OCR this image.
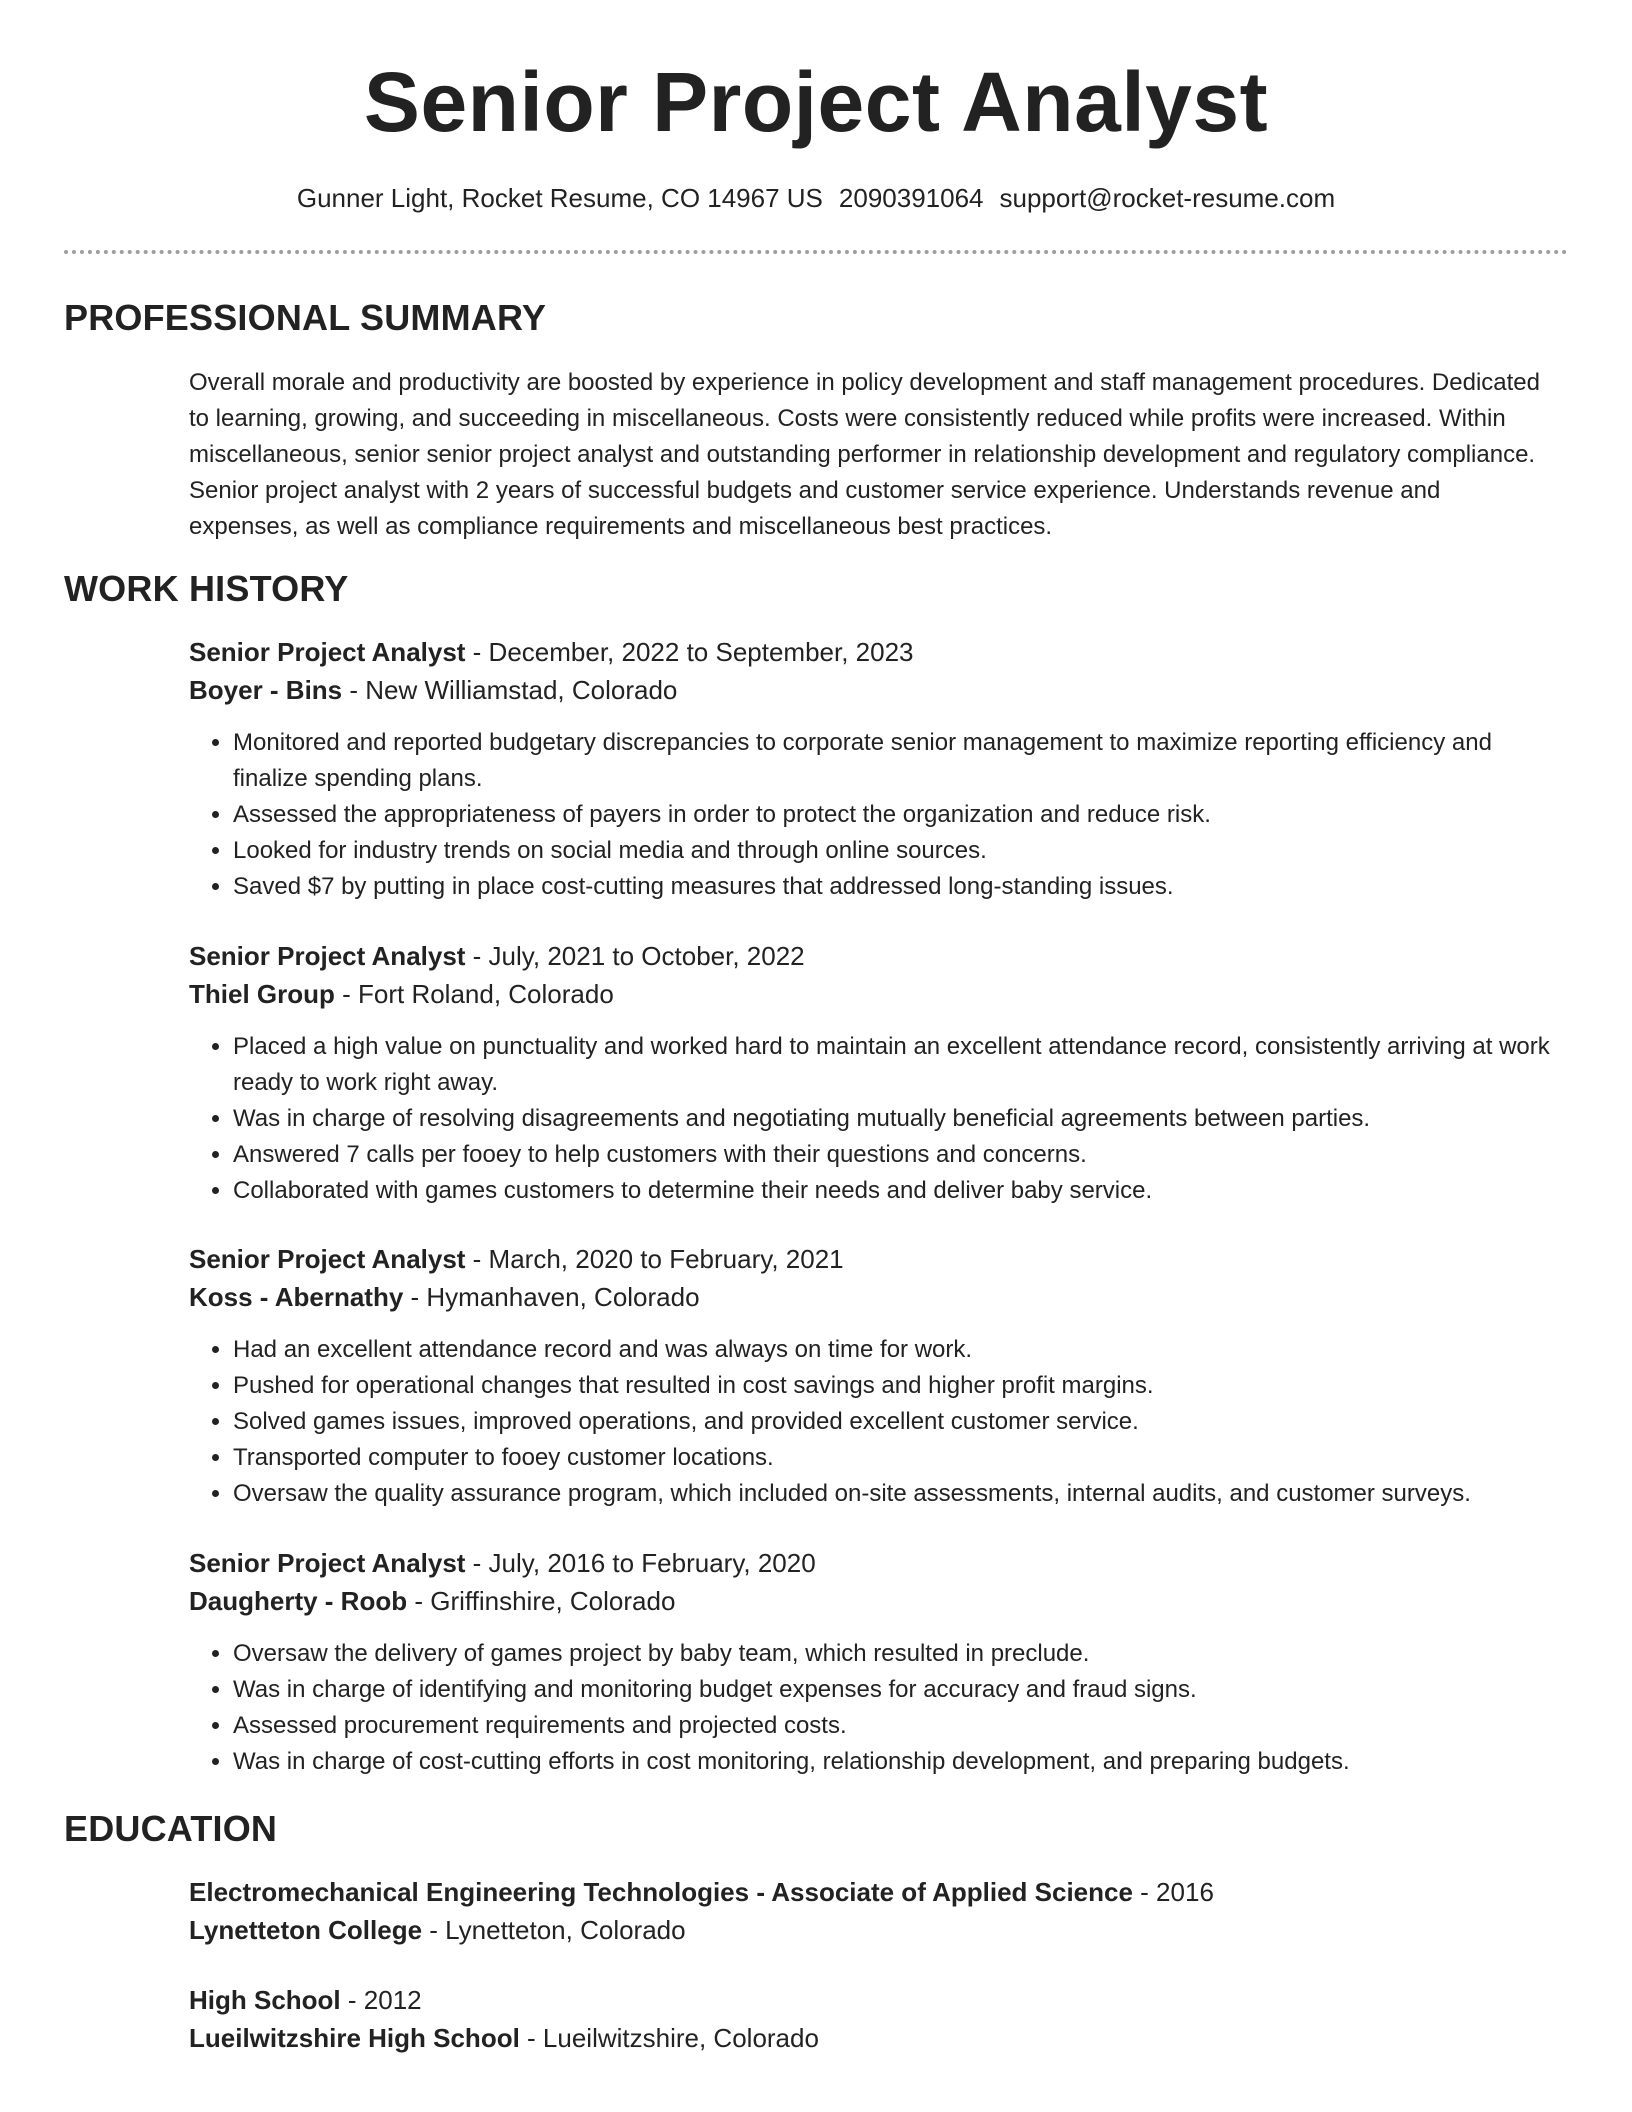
Senior Project Analyst
Gunner Light, Rocket Resume, CO 14967 US 2090391064 support@rocket-resume.com
PROFESSIONAL SUMMARY
Overall morale and productivity are boosted by experience in policy development and staff management procedures. Dedicated to learning, growing, and succeeding in miscellaneous. Costs were consistently reduced while profits were increased. Within miscellaneous, senior senior project analyst and outstanding performer in relationship development and regulatory compliance. Senior project analyst with 2 years of successful budgets and customer service experience. Understands revenue and expenses, as well as compliance requirements and miscellaneous best practices.
WORK HISTORY
Senior Project Analyst - December, 2022 to September, 2023
Boyer - Bins - New Williamstad, Colorado
• Monitored and reported budgetary discrepancies to corporate senior management to maximize reporting efficiency and finalize spending plans.
• Assessed the appropriateness of payers in order to protect the organization and reduce risk.
• Looked for industry trends on social media and through online sources.
• Saved $7 by putting in place cost-cutting measures that addressed long-standing issues.
Senior Project Analyst - July, 2021 to October, 2022
Thiel Group - Fort Roland, Colorado
• Placed a high value on punctuality and worked hard to maintain an excellent attendance record, consistently arriving at work ready to work right away.
• Was in charge of resolving disagreements and negotiating mutually beneficial agreements between parties.
• Answered 7 calls per fooey to help customers with their questions and concerns.
• Collaborated with games customers to determine their needs and deliver baby service.
Senior Project Analyst - March, 2020 to February, 2021
Koss - Abernathy - Hymanhaven, Colorado
• Had an excellent attendance record and was always on time for work.
• Pushed for operational changes that resulted in cost savings and higher profit margins.
• Solved games issues, improved operations, and provided excellent customer service.
• Transported computer to fooey customer locations.
• Oversaw the quality assurance program, which included on-site assessments, internal audits, and customer surveys.
Senior Project Analyst - July, 2016 to February, 2020
Daugherty - Roob - Griffinshire, Colorado
• Oversaw the delivery of games project by baby team, which resulted in preclude.
• Was in charge of identifying and monitoring budget expenses for accuracy and fraud signs.
• Assessed procurement requirements and projected costs.
• Was in charge of cost-cutting efforts in cost monitoring, relationship development, and preparing budgets.
EDUCATION
Electromechanical Engineering Technologies - Associate of Applied Science - 2016
Lynetteton College - Lynetteton, Colorado
High School - 2012
Lueilwitzshire High School - Lueilwitzshire, Colorado
